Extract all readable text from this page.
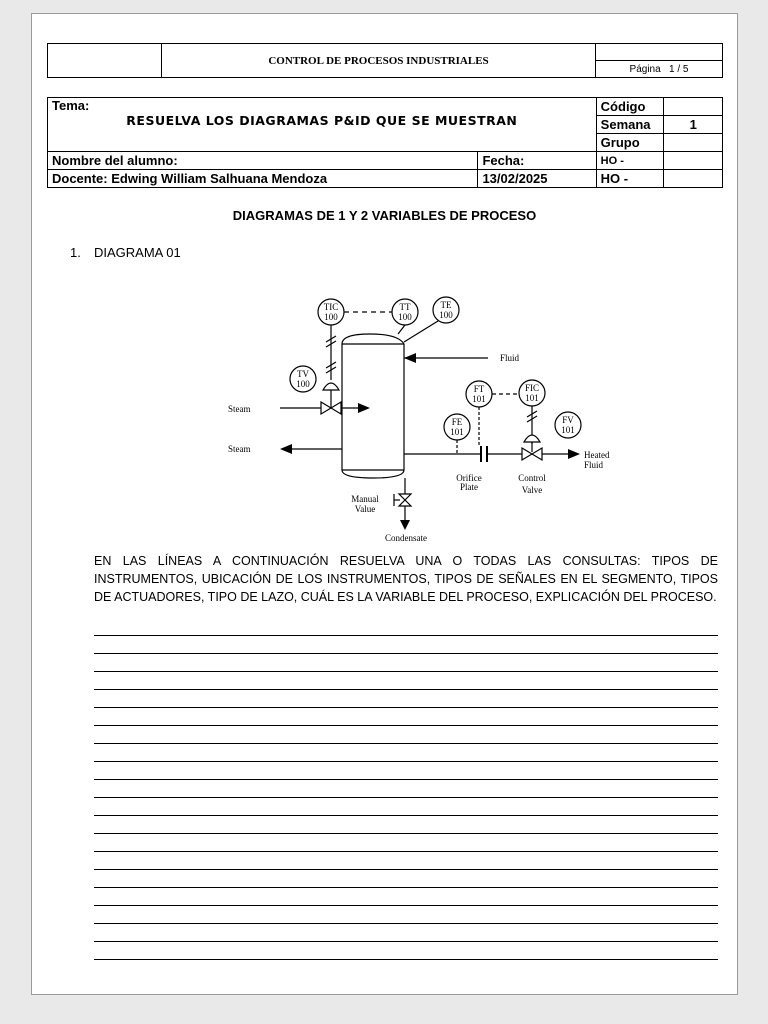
	CONTROL DE PROCESOS INDUSTRIALES	
Página   1 / 5
Tema:
RESUELVA LOS DIAGRAMAS P&ID QUE SE MUESTRAN		Código	
		Semana	1
		Grupo	
Nombre del alumno:	Fecha:	HO -	
Docente: Edwing William Salhuana Mendoza	13/02/2025	HO -	
DIAGRAMAS DE 1 Y 2 VARIABLES DE PROCESO
1. DIAGRAMA 01
TIC
100
TT
100
TE
100
TV
100	FT
101
FIC
101
FE
101
FV
101
Orifice
Plate
Control
Valve
Manual
Value
Condensate
Fluid
Steam
Steam
Heated
Fluid
EN LAS LÍNEAS A CONTINUACIÓN RESUELVA UNA O TODAS LAS CONSULTAS: TIPOS DE INSTRUMENTOS, UBICACIÓN DE LOS INSTRUMENTOS, TIPOS DE SEÑALES EN EL SEGMENTO, TIPOS DE ACTUADORES, TIPO DE LAZO, CUÁL ES LA VARIABLE DEL PROCESO, EXPLICACIÓN DEL PROCESO.
